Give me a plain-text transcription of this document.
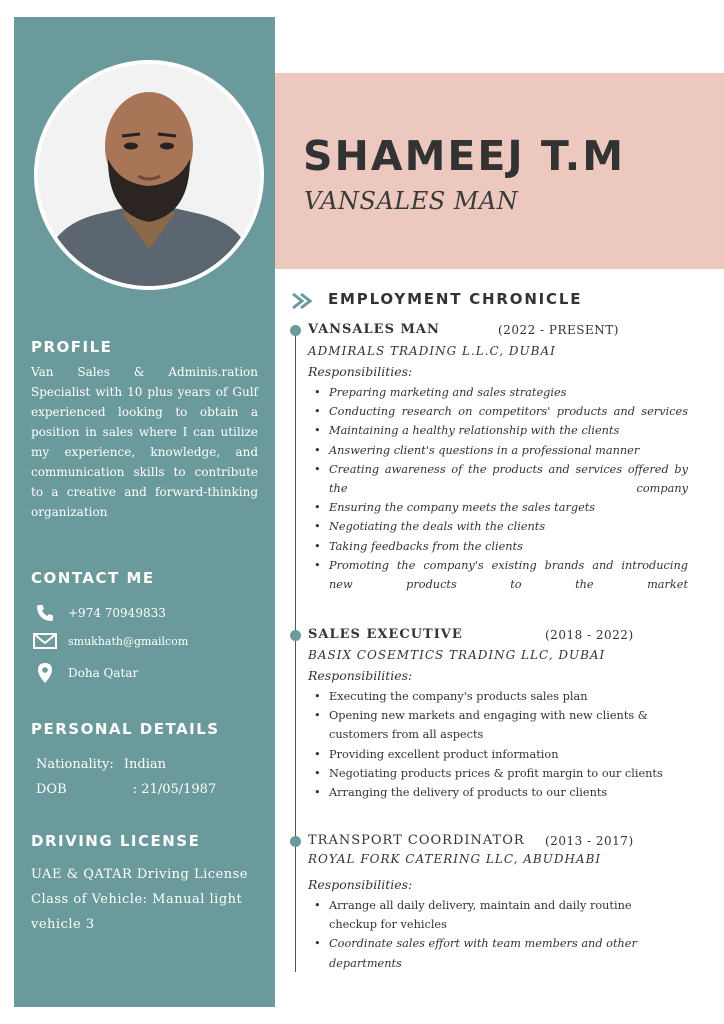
SHAMEEJ T.M
VANSALES MAN
PROFILE
Van Sales & Adminis.ration Specialist with 10 plus years of Gulf experienced looking to obtain a position in sales where I can utilize my experience, knowledge, and communication skills to contribute to a creative and forward-thinking organization
CONTACT ME
+974 70949833
smukhath@gmailcom
Doha Qatar
PERSONAL DETAILS
Nationality: Indian
DOB	: 21/05/1987
DRIVING LICENSE
UAE & QATAR Driving License Class of Vehicle: Manual light vehicle 3
EMPLOYMENT CHRONICLE
VANSALES MAN	(2022 - PRESENT)
ADMIRALS TRADING L.L.C, DUBAI
Responsibilities:
• Preparing marketing and sales strategies
• Conducting research on competitors' products and services
• Maintaining a healthy relationship with the clients
• Answering client's questions in a professional manner
• Creating awareness of the products and services offered by the company
• Ensuring the company meets the sales targets
• Negotiating the deals with the clients
• Taking feedbacks from the clients
• Promoting the company's existing brands and introducing new products to the market
SALES EXECUTIVE	(2018 - 2022)
BASIX COSEMTICS TRADING LLC, DUBAI
Responsibilities:
• Executing the company's products sales plan
• Opening new markets and engaging with new clients & customers from all aspects
• Providing excellent product information
• Negotiating products prices & profit margin to our clients
• Arranging the delivery of products to our clients
TRANSPORT COORDINATOR (2013 - 2017)
ROYAL FORK CATERING LLC, ABUDHABI
Responsibilities:
• Arrange all daily delivery, maintain and daily routine checkup for vehicles
• Coordinate sales effort with team members and other departments
